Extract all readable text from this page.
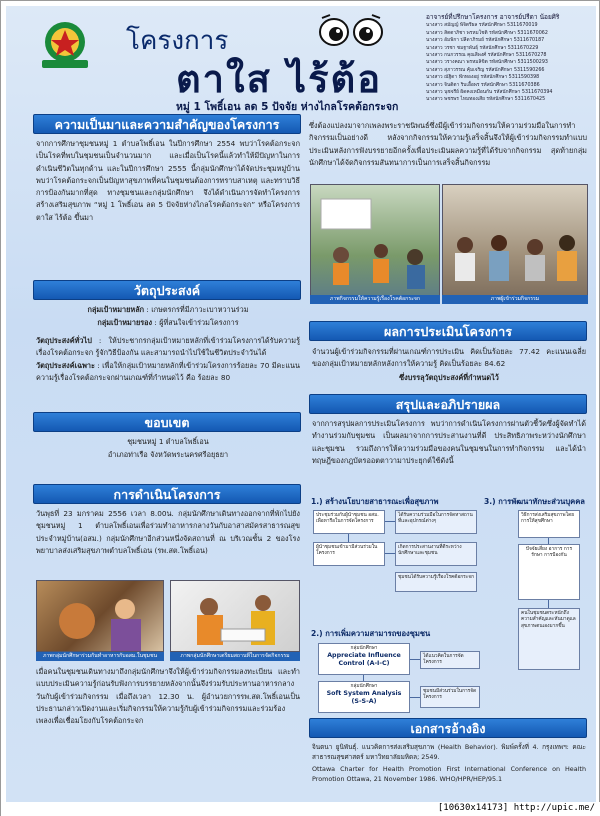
โครงการ
ตาใส ไร้ต้อ
หมู่ 1 โพธิ์เอน ลด 5 ปัจจัย ห่างไกลโรคต้อกระจก
อาจารย์ที่ปรึกษาโครงการ อาจารย์ปรีดา น้อยศิริ
นางสาว สมัญญ์ พิจิตรีผล รหัสนักศึกษา 5311670019
นางสาว สิตตาภิชา พรหมโชติ รหัสนักศึกษา 5311670062
นางสาว อัมพิกา ปลีดาภิรมย์ รหัสนักศึกษา 5311670187
นางสาว วรชา ชมฐาพันธุ์ รหัสนักศึกษา 5311670229
นางสาว กนกวรรณ คุณลีพงศ์ รหัสนักศึกษา 5311670278
นางสาว วรางคณา พรหมลิขิต รหัสนักศึกษา 5311500293
นางสาว สุภาวรรณ คุ้มเจริญ รหัสนักศึกษา 5311590266
นางสาว ณัฐิดา ฟักทองอยู่ รหัสนักศึกษา 5311590398
นางสาว จินติตา ริบเอื้อพร รหัสนักศึกษา 5311670386
นางสาว นุชจรีย์ ผิดคงเหมือนกัน รหัสนักศึกษา 5311670394
นางสาว พชรพร ไหมทองเสีย รหัสนักศึกษา 5311670425
ความเป็นมาและความสำคัญของโครงการ
จากการศึกษาชุมชนหมู่ 1 ตำบลโพธิ์เอน ในปีการศึกษา 2554 พบว่าโรคต้อกระจกเป็นโรคที่พบในชุมชนเป็นจำนวนมาก และเมื่อเป็นโรคนี้แล้วทำให้มีปัญหาในการดำเนินชีวิตในทุกด้าน และในปีการศึกษา 2555 นี้กลุ่มนักศึกษาได้จัดประชุมหมู่บ้าน พบว่าโรคต้อกระจกเป็นปัญหาสุขภาพที่คนในชุมชนต้องการทราบสาเหตุ และทราบวิธีการป้องกันมากที่สุด ทางชุมชนและกลุ่มนักศึกษา จึงได้ดำเนินการจัดทำโครงการสร้างเสริมสุขภาพ “หมู่ 1 โพธิ์เอน ลด 5 ปัจจัยห่างไกลโรคต้อกระจก” หรือโครงการตาใส ไร้ต้อ ขึ้นมา
วัตถุประสงค์
กลุ่มเป้าหมายหลัก : เกษตรกรที่มีภาวะเบาหวานร่วม
กลุ่มเป้าหมายรอง : ผู้ที่สนใจเข้าร่วมโครงการ
วัตถุประสงค์ทั่วไป : ให้ประชากรกลุ่มเป้าหมายหลักที่เข้าร่วมโครงการได้รับความรู้เรื่องโรคต้อกระจก รู้จักวิธีป้องกัน และสามารถนำไปใช้ในชีวิตประจำวันได้
วัตถุประสงค์เฉพาะ : เพื่อให้กลุ่มเป้าหมายหลักที่เข้าร่วมโครงการร้อยละ 70 มีคะแนนความรู้เรื่องโรคต้อกระจกผ่านเกณฑ์ที่กำหนดไว้ คือ ร้อยละ 80
ขอบเขต
ชุมชนหมู่ 1 ตำบลโพธิ์เอน
อำเภอท่าเรือ จังหวัดพระนครศรีอยุธยา
การดำเนินโครงการ
วันพุธที่ 23 มกราคม 2556 เวลา 8.00น. กลุ่มนักศึกษาเดินทางออกจากที่พักไปยังชุมชนหมู่ 1 ตำบลโพธิ์เอนเพื่อร่วมทำอาหารกลางวันกับอาสาสมัครสาธารณสุขประจำหมู่บ้าน(อสม.) กลุ่มนักศึกษาอีกส่วนหนึ่งจัดสถานที่ ณ บริเวณชั้น 2 ของโรงพยาบาลส่งเสริมสุขภาพตำบลโพธิ์เอน (รพ.สต.โพธิ์เอน)
ภาพกลุ่มนักศึกษาร่วมกันทำอาหารกับอสม.ในชุมชน	ภาพกลุ่มนักศึกษาเตรียมสถานที่ในการจัดกิจกรรม
เมื่อคนในชุมชนเดินทางมาถึงกลุ่มนักศึกษาจึงให้ผู้เข้าร่วมกิจกรรมลงทะเบียน และทำแบบประเมินความรู้ก่อนรับฟังการบรรยายหลังจากนั้นจึงร่วมรับประทานอาหารกลางวันกับผู้เข้าร่วมกิจกรรม เมื่อถึงเวลา 12.30 น. ผู้อำนวยการรพ.สต.โพธิ์เอนเป็นประธานกล่าวเปิดงานและเริ่มกิจกรรมให้ความรู้กับผู้เข้าร่วมกิจกรรมและร่วมร้องเพลงเพื่อเชื่อมโยงกับโรคต้อกระจก
ซึ่งต้องแปลงมาจากเพลงพระราชนิพนธ์ซึ่งมีผู้เข้าร่วมกิจกรรมให้ความร่วมมือในการทำกิจกรรมเป็นอย่างดี หลังจากกิจกรรมให้ความรู้เสร็จสิ้นจึงให้ผู้เข้าร่วมกิจกรรมทำแบบประเมินหลังการฟังบรรยายอีกครั้งเพื่อประเมินผลความรู้ที่ได้รับจากกิจกรรม สุดท้ายกลุ่มนักศึกษาได้จัดกิจกรรมสันทนาการเป็นการเสร็จสิ้นกิจกรรม
ภาพกิจกรรมให้ความรู้เรื่องโรคต้อกระจก	ภาพผู้เข้าร่วมกิจกรรม
ผลการประเมินโครงการ
จำนวนผู้เข้าร่วมกิจกรรมที่ผ่านเกณฑ์การประเมิน คิดเป็นร้อยละ 77.42 คะแนนเฉลี่ยของกลุ่มเป้าหมายหลักหลังการให้ความรู้ คิดเป็นร้อยละ 84.62
ซึ่งบรรลุวัตถุประสงค์ที่กำหนดไว้
สรุปและอภิปรายผล
จากการสรุปผลการประเมินโครงการ พบว่าการดำเนินโครงการผ่านตัวชี้วัดซึ่งผู้จัดทำได้ทำงานร่วมกับชุมชน เป็นผลมาจากการประสานงานที่ดี ประสิทธิภาพระหว่างนักศึกษาและชุมชน รวมถึงการให้ความร่วมมือของคนในชุมชนในการทำกิจกรรม และได้นำทฤษฎีของกฎบัตรออตตาวามาประยุกต์ใช้ดังนี้
1.) สร้างนโยบายสาธารณะเพื่อสุขภาพ
ประชุมร่วมกับผู้นำชุมชน อสม. เพื่อหารือในการจัดโครงการ
ได้รับความร่วมมือในการจัดหาสถานที่และอุปกรณ์ต่างๆ
ผู้นำชุมชนเข้ามามีส่วนร่วมในโครงการ
เกิดการประสานงานที่ดีระหว่างนักศึกษาและชุมชน
ชุมชนได้รับความรู้เรื่องโรคต้อกระจก
3.) การพัฒนาทักษะส่วนบุคคล
วิธีการส่งเสริมสุขภาพโดยการให้สุขศึกษา
ปัจจัยเสี่ยง อาการ การรักษา การป้องกัน
คนในชุมชนตระหนักถึงความสำคัญและหันมาดูแลสุขภาพตนเองมากขึ้น
2.) การเพิ่มความสามารถของชุมชน
กลุ่มนักศึกษา
Appreciate Influence Control (A-I-C)
ได้แนวคิดในการจัดโครงการ
กลุ่มนักศึกษา
Soft System Analysis (S-S-A)
ชุมชนมีส่วนร่วมในการจัดโครงการ
เอกสารอ้างอิง
จินตนา ยูนิพันธุ์. แนวคิดการส่งเสริมสุขภาพ (Health Behavior). พิมพ์ครั้งที่ 4. กรุงเทพฯ: คณะสาธารณสุขศาสตร์ มหาวิทยาลัยมหิดล; 2549.
Ottawa Charter for Health Promotion First International Conference on Health Promotion Ottawa, 21 November 1986. WHO/HPR/HEP/95.1
[10630x14173] http://upic.me/
